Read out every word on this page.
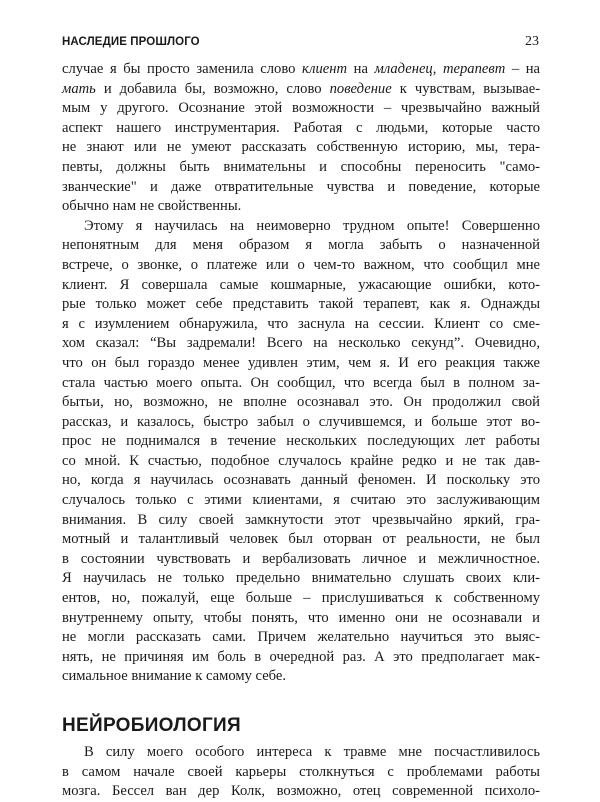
НАСЛЕДИЕ ПРОШЛОГО	23

случае я бы просто заменила слово клиент на младенец, терапевт – на
мать и добавила бы, возможно, слово поведение к чувствам, вызывае-
мым у другого. Осознание этой возможности – чрезвычайно важный
аспект нашего инструментария. Работая с людьми, которые часто
не знают или не умеют рассказать собственную историю, мы, тера-
певты, должны быть внимательны и способны переносить "само-
званческие" и даже отвратительные чувства и поведение, которые
обычно нам не свойственны.

Этому я научилась на неимоверно трудном опыте! Совершенно
непонятным для меня образом я могла забыть о назначенной
встрече, о звонке, о платеже или о чем-то важном, что сообщил мне
клиент. Я совершала самые кошмарные, ужасающие ошибки, кото-
рые только может себе представить такой терапевт, как я. Однажды
я с изумлением обнаружила, что заснула на сессии. Клиент со сме-
хом сказал: “Вы задремали! Всего на несколько секунд”. Очевидно,
что он был гораздо менее удивлен этим, чем я. И его реакция также
стала частью моего опыта. Он сообщил, что всегда был в полном за-
бытьи, но, возможно, не вполне осознавал это. Он продолжил свой
рассказ, и казалось, быстро забыл о случившемся, и больше этот во-
прос не поднимался в течение нескольких последующих лет работы
со мной. К счастью, подобное случалось крайне редко и не так дав-
но, когда я научилась осознавать данный феномен. И поскольку это
случалось только с этими клиентами, я считаю это заслуживающим
внимания. В силу своей замкнутости этот чрезвычайно яркий, гра-
мотный и талантливый человек был оторван от реальности, не был
в состоянии чувствовать и вербализовать личное и межличностное.
Я научилась не только предельно внимательно слушать своих кли-
ентов, но, пожалуй, еще больше – прислушиваться к собственному
внутреннему опыту, чтобы понять, что именно они не осознавали и
не могли рассказать сами. Причем желательно научиться это выяс-
нять, не причиняя им боль в очередной раз. А это предполагает мак-
симальное внимание к самому себе.

НЕЙРОБИОЛОГИЯ

В силу моего особого интереса к травме мне посчастливилось
в самом начале своей карьеры столкнуться с проблемами работы
мозга. Бессел ван дер Колк, возможно, отец современной психоло-
